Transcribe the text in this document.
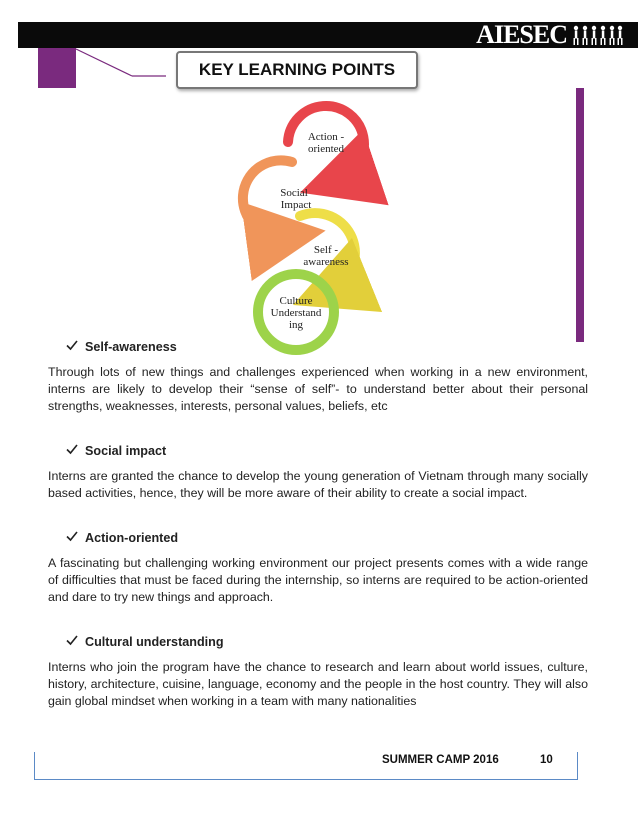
AIESEC
KEY LEARNING POINTS
Action -
oriented
Social
Impact
Self -
awareness
Culture
Understand
ing
Self-awareness
Through lots of new things and challenges experienced when working in a new environment, interns are likely to develop their “sense of self”- to understand better about their personal strengths, weaknesses, interests, personal values, beliefs, etc
Social impact
Interns are granted the chance to develop the young generation of Vietnam through many socially based activities, hence, they will be more aware of their ability to create a social impact.
Action-oriented
A fascinating but challenging working environment our project presents comes with a wide range of difficulties that must be faced during the internship, so interns are required to be action-oriented and dare to try new things and approach.
Cultural understanding
Interns who join the program have the chance to research and learn about world issues, culture, history, architecture, cuisine, language, economy and the people in the host country. They will also gain global mindset when working in a team with many nationalities
SUMMER CAMP 2016	10
